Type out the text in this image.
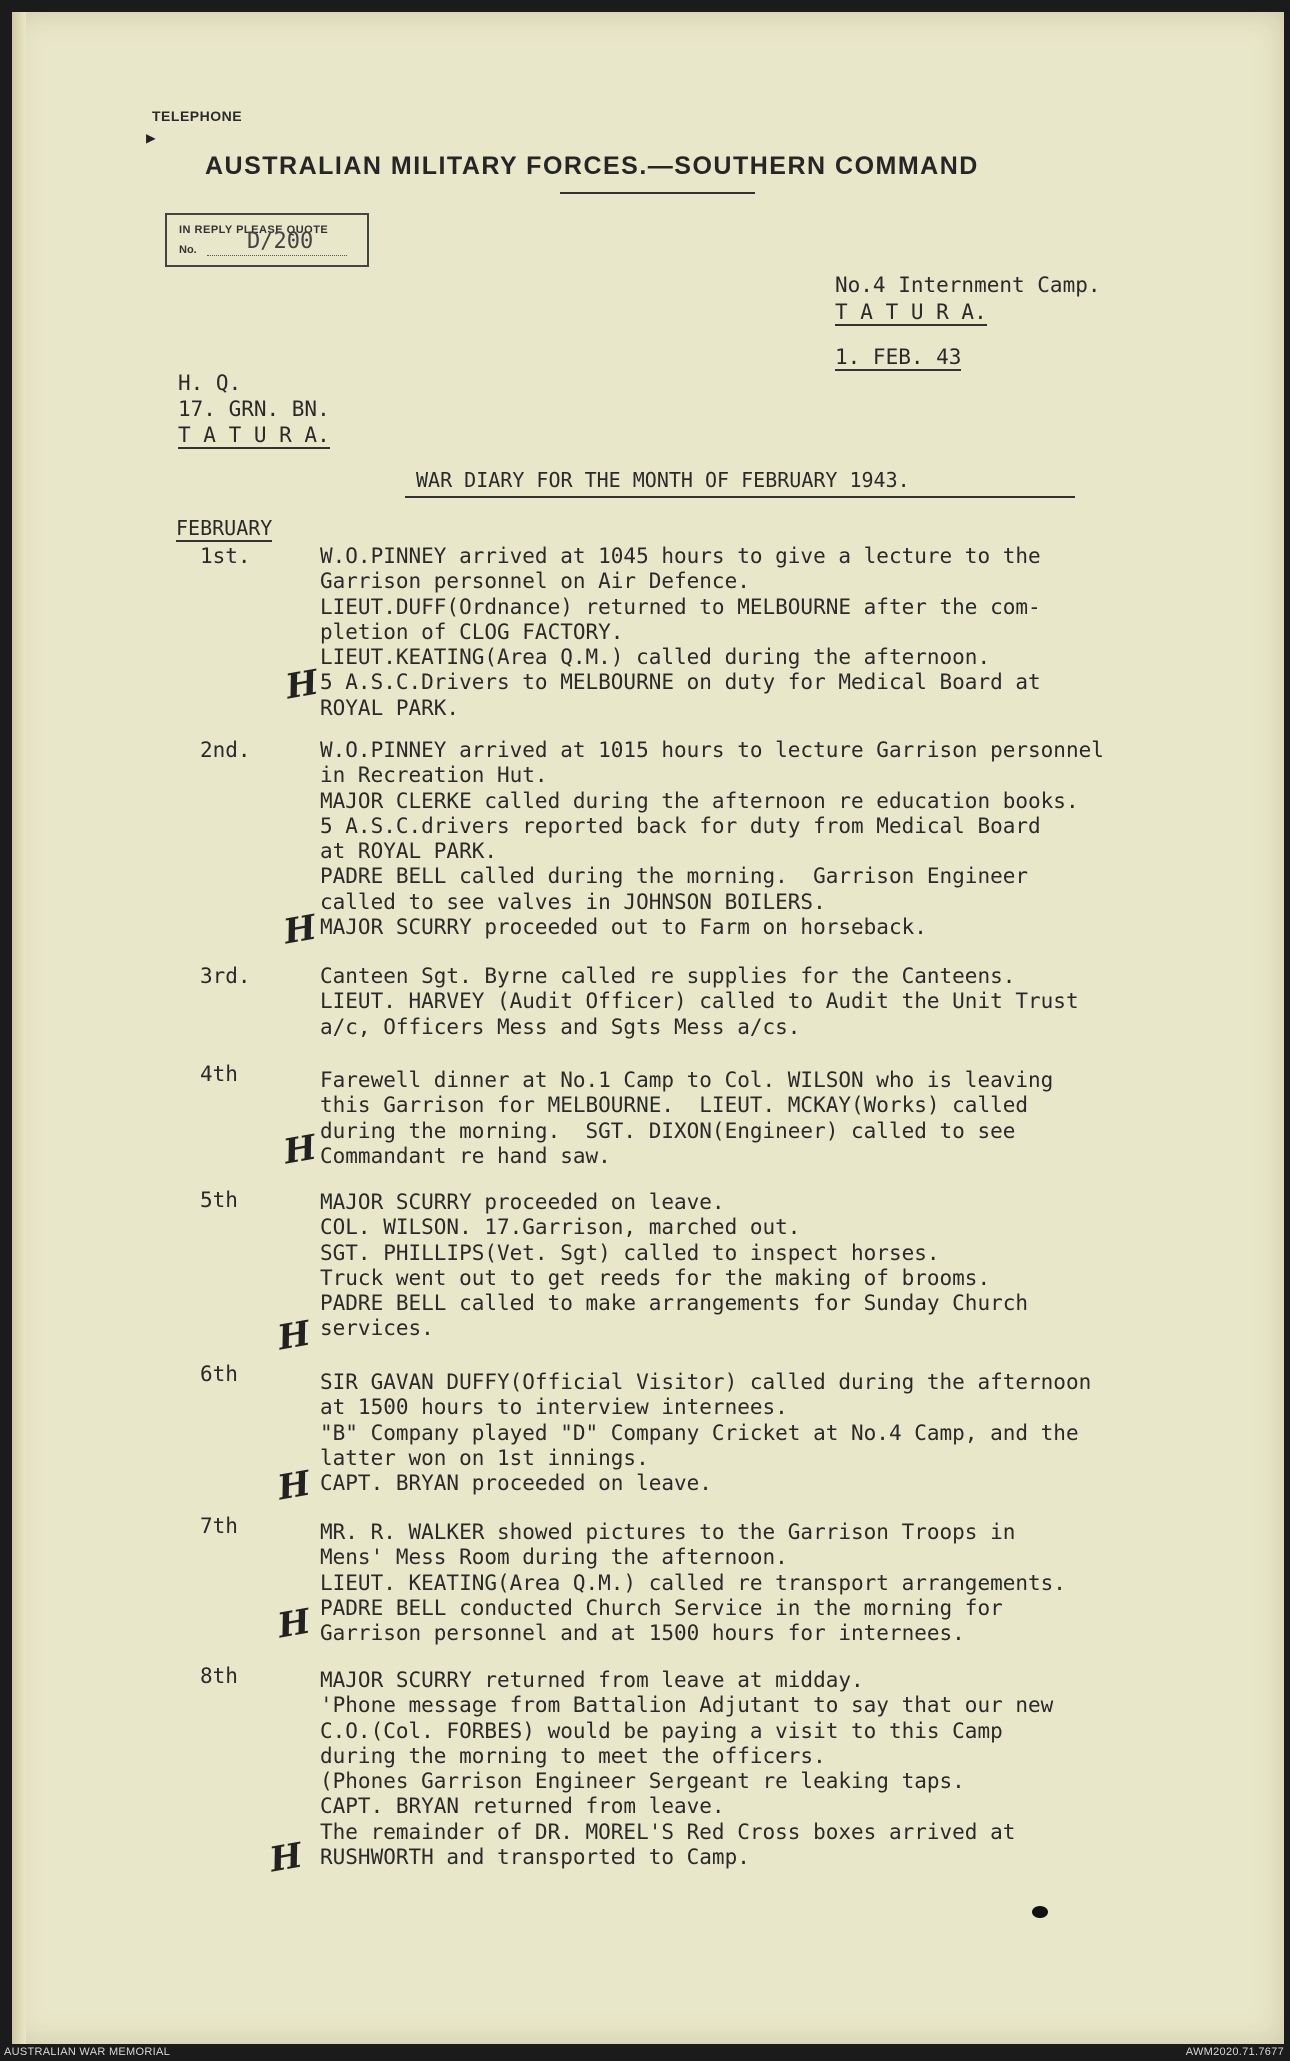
TELEPHONE
▶
AUSTRALIAN MILITARY FORCES.—SOUTHERN COMMAND
IN REPLY PLEASE QUOTE
No. D/200
No.4 Internment Camp.
T A T U R A.
1. FEB. 43
H. Q.
17. GRN. BN.
T A T U R A.
WAR DIARY FOR THE MONTH OF FEBRUARY 1943.
FEBRUARY
1st.	W.O.PINNEY arrived at 1045 hours to give a lecture to the
Garrison personnel on Air Defence.
LIEUT.DUFF(Ordnance) returned to MELBOURNE after the com-
pletion of CLOG FACTORY.
LIEUT.KEATING(Area Q.M.) called during the afternoon.
5 A.S.C.Drivers to MELBOURNE on duty for Medical Board at
ROYAL PARK.
H
2nd.	W.O.PINNEY arrived at 1015 hours to lecture Garrison personnel
in Recreation Hut.
MAJOR CLERKE called during the afternoon re education books.
5 A.S.C.drivers reported back for duty from Medical Board
at ROYAL PARK.
PADRE BELL called during the morning.  Garrison Engineer
called to see valves in JOHNSON BOILERS.
MAJOR SCURRY proceeded out to Farm on horseback.
H
3rd.	Canteen Sgt. Byrne called re supplies for the Canteens.
LIEUT. HARVEY (Audit Officer) called to Audit the Unit Trust
a/c, Officers Mess and Sgts Mess a/cs.
4th	Farewell dinner at No.1 Camp to Col. WILSON who is leaving
this Garrison for MELBOURNE.  LIEUT. MCKAY(Works) called
during the morning.  SGT. DIXON(Engineer) called to see
Commandant re hand saw.
H
5th	MAJOR SCURRY proceeded on leave.
COL. WILSON. 17.Garrison, marched out.
SGT. PHILLIPS(Vet. Sgt) called to inspect horses.
Truck went out to get reeds for the making of brooms.
PADRE BELL called to make arrangements for Sunday Church
services.
H
6th	SIR GAVAN DUFFY(Official Visitor) called during the afternoon
at 1500 hours to interview internees.
"B" Company played "D" Company Cricket at No.4 Camp, and the
latter won on 1st innings.
CAPT. BRYAN proceeded on leave.
H
7th	MR. R. WALKER showed pictures to the Garrison Troops in
Mens' Mess Room during the afternoon.
LIEUT. KEATING(Area Q.M.) called re transport arrangements.
PADRE BELL conducted Church Service in the morning for
Garrison personnel and at 1500 hours for internees.
H
8th	MAJOR SCURRY returned from leave at midday.
'Phone message from Battalion Adjutant to say that our new
C.O.(Col. FORBES) would be paying a visit to this Camp
during the morning to meet the officers.
(Phones Garrison Engineer Sergeant re leaking taps.
CAPT. BRYAN returned from leave.
The remainder of DR. MOREL'S Red Cross boxes arrived at
RUSHWORTH and transported to Camp.
H
AUSTRALIAN WAR MEMORIAL	AWM2020.71.7677
